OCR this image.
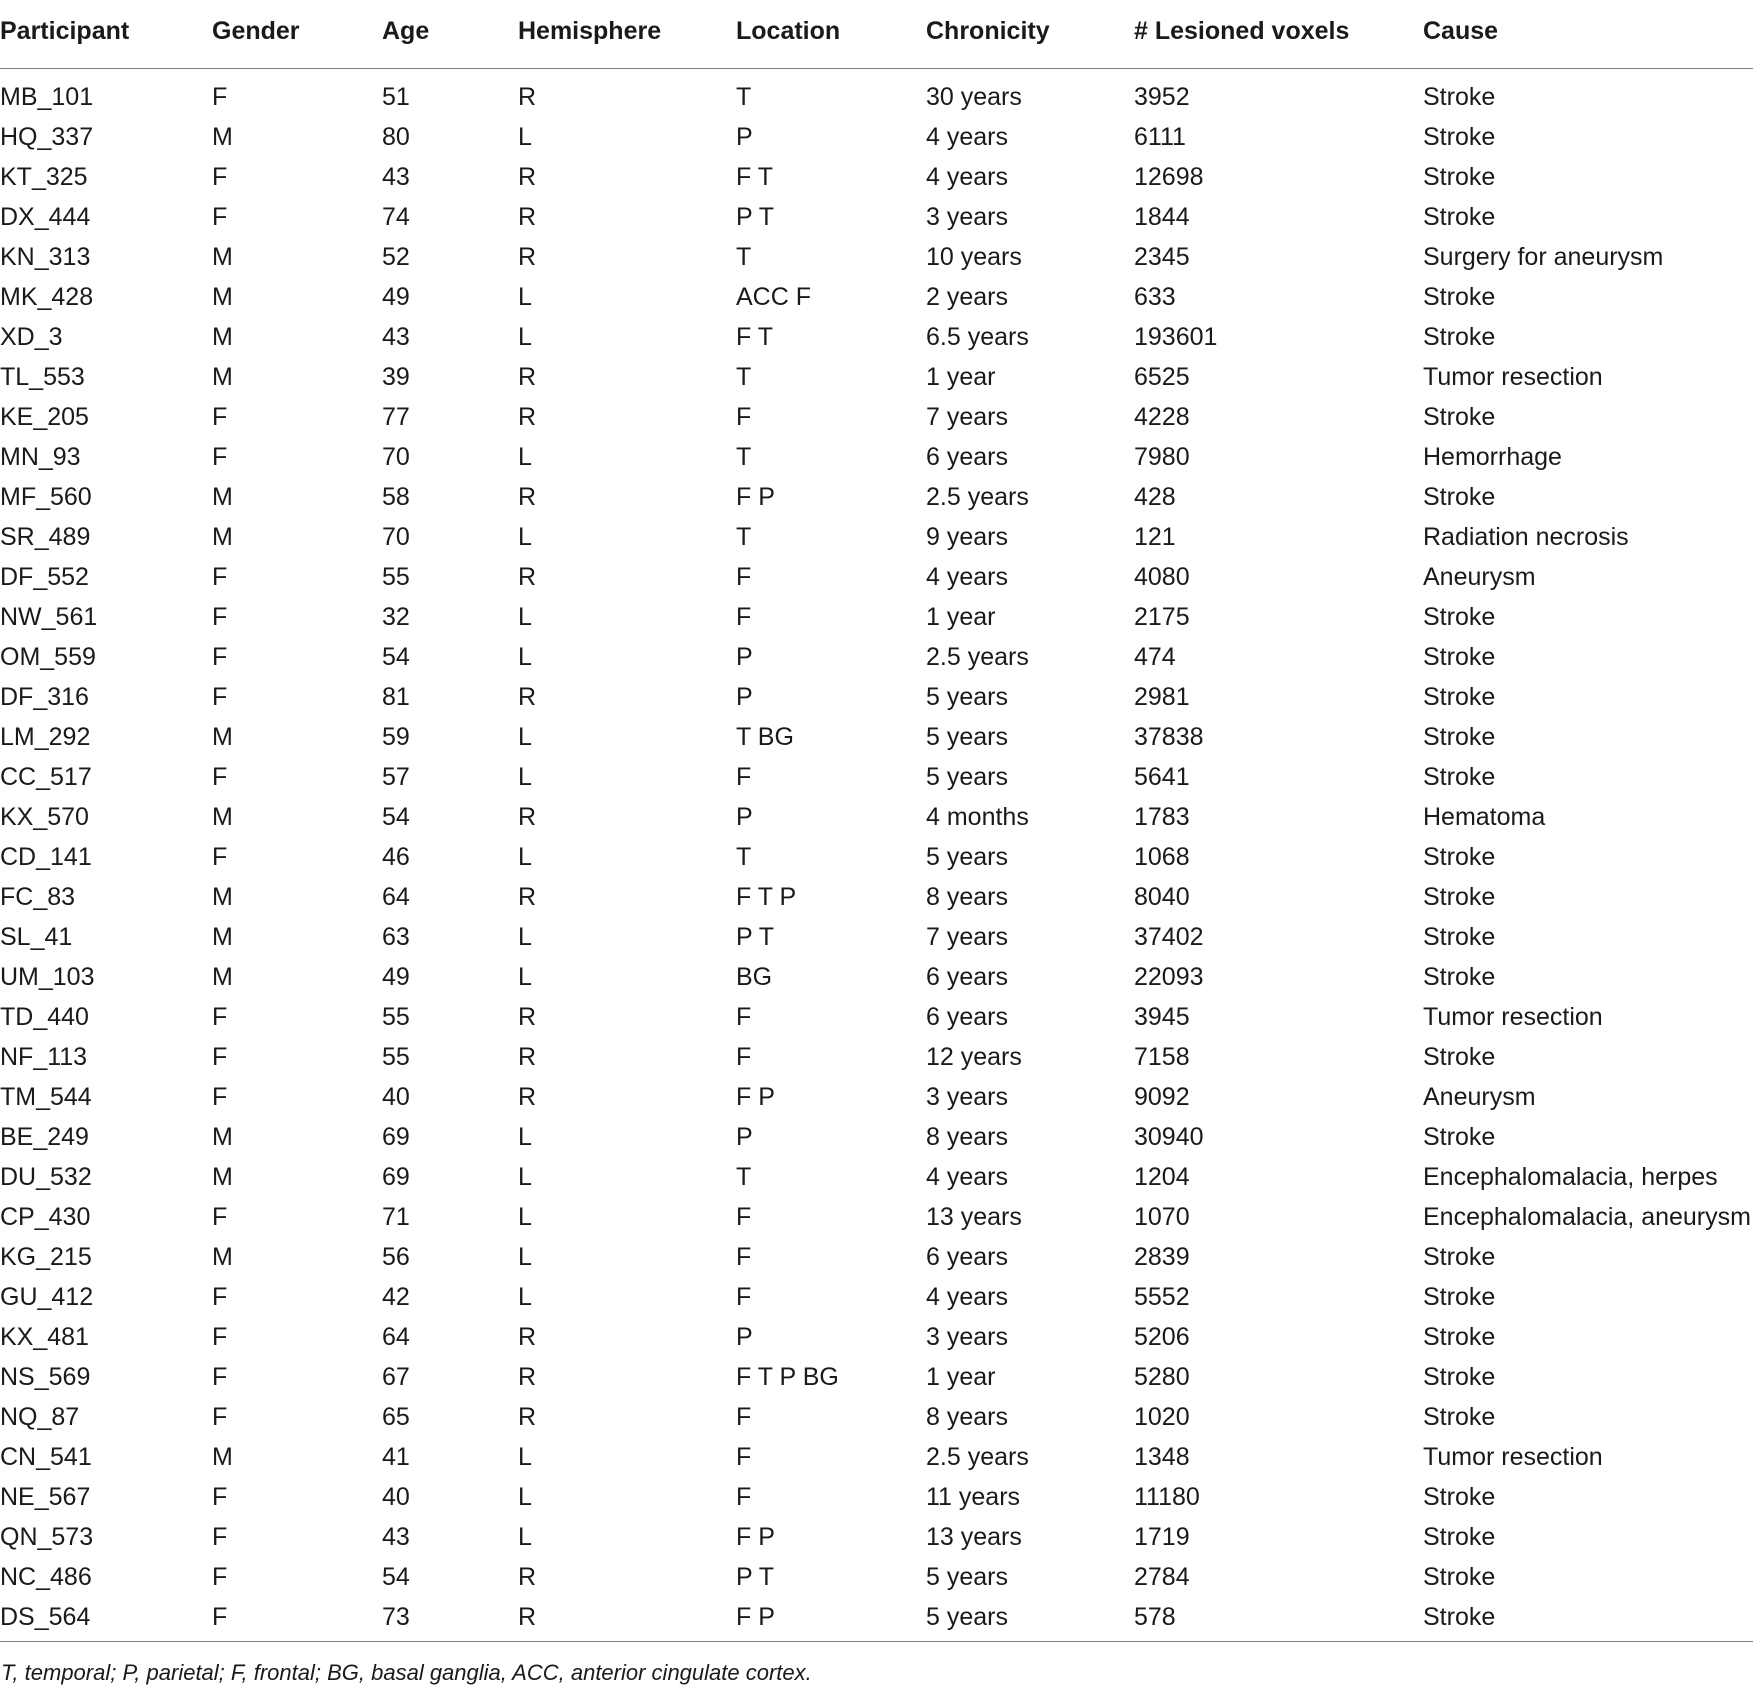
Participant	Gender	Age	Hemisphere	Location	Chronicity	# Lesioned voxels	Cause

MB_101	F	51	R	T	30 years	3952	Stroke
HQ_337	M	80	L	P	4 years	6111	Stroke
KT_325	F	43	R	F T	4 years	12698	Stroke
DX_444	F	74	R	P T	3 years	1844	Stroke
KN_313	M	52	R	T	10 years	2345	Surgery for aneurysm
MK_428	M	49	L	ACC F	2 years	633	Stroke
XD_3	M	43	L	F T	6.5 years	193601	Stroke
TL_553	M	39	R	T	1 year	6525	Tumor resection
KE_205	F	77	R	F	7 years	4228	Stroke
MN_93	F	70	L	T	6 years	7980	Hemorrhage
MF_560	M	58	R	F P	2.5 years	428	Stroke
SR_489	M	70	L	T	9 years	121	Radiation necrosis
DF_552	F	55	R	F	4 years	4080	Aneurysm
NW_561	F	32	L	F	1 year	2175	Stroke
OM_559	F	54	L	P	2.5 years	474	Stroke
DF_316	F	81	R	P	5 years	2981	Stroke
LM_292	M	59	L	T BG	5 years	37838	Stroke
CC_517	F	57	L	F	5 years	5641	Stroke
KX_570	M	54	R	P	4 months	1783	Hematoma
CD_141	F	46	L	T	5 years	1068	Stroke
FC_83	M	64	R	F T P	8 years	8040	Stroke
SL_41	M	63	L	P T	7 years	37402	Stroke
UM_103	M	49	L	BG	6 years	22093	Stroke
TD_440	F	55	R	F	6 years	3945	Tumor resection
NF_113	F	55	R	F	12 years	7158	Stroke
TM_544	F	40	R	F P	3 years	9092	Aneurysm
BE_249	M	69	L	P	8 years	30940	Stroke
DU_532	M	69	L	T	4 years	1204	Encephalomalacia, herpes
CP_430	F	71	L	F	13 years	1070	Encephalomalacia, aneurysm
KG_215	M	56	L	F	6 years	2839	Stroke
GU_412	F	42	L	F	4 years	5552	Stroke
KX_481	F	64	R	P	3 years	5206	Stroke
NS_569	F	67	R	F T P BG	1 year	5280	Stroke
NQ_87	F	65	R	F	8 years	1020	Stroke
CN_541	M	41	L	F	2.5 years	1348	Tumor resection
NE_567	F	40	L	F	11 years	11180	Stroke
QN_573	F	43	L	F P	13 years	1719	Stroke
NC_486	F	54	R	P T	5 years	2784	Stroke
DS_564	F	73	R	F P	5 years	578	Stroke

T, temporal; P, parietal; F, frontal; BG, basal ganglia, ACC, anterior cingulate cortex.
